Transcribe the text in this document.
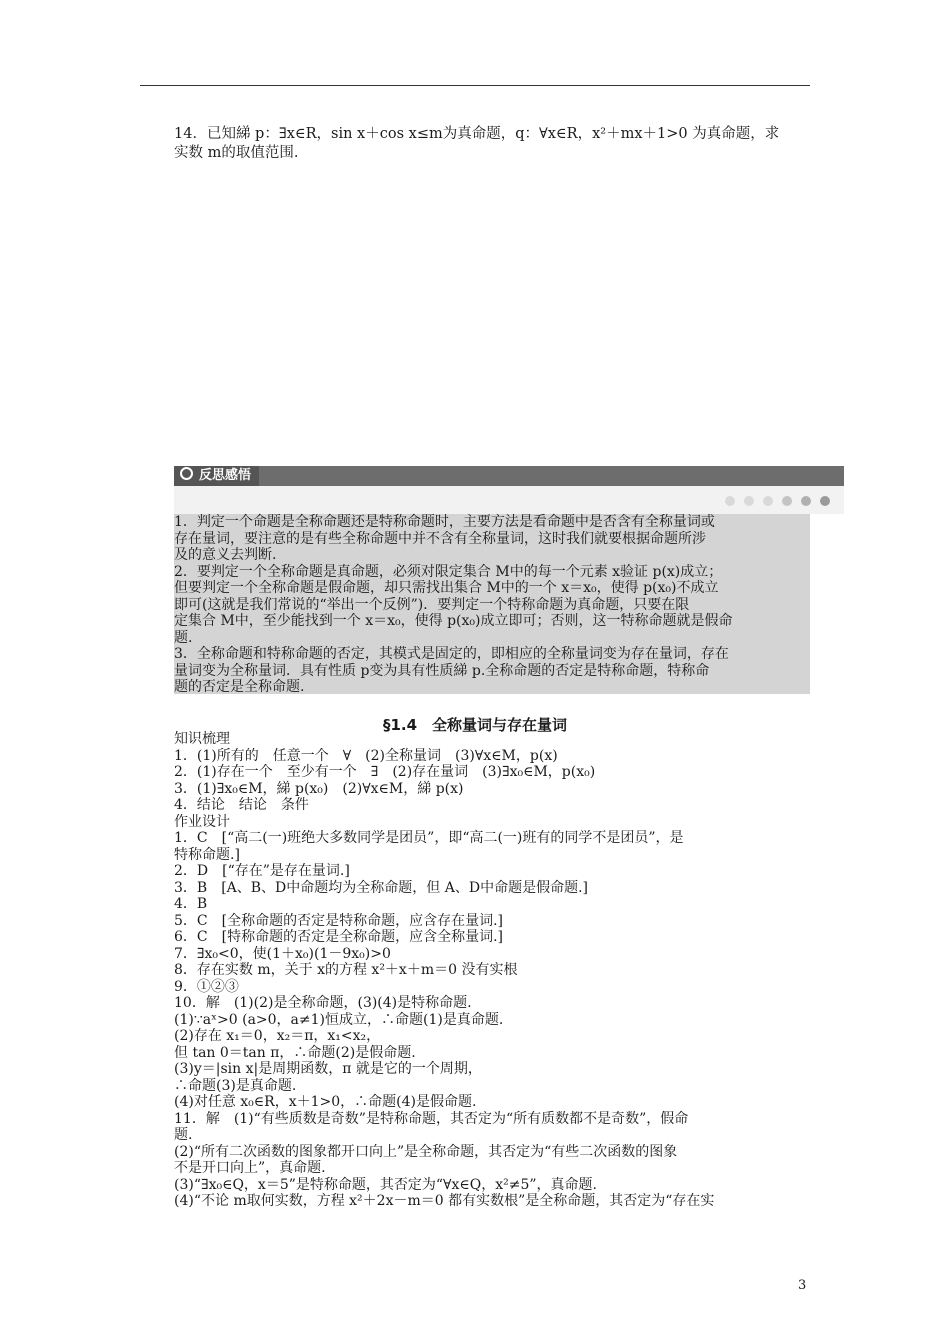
14．已知綈 p：∃x∈R，sin x＋cos x≤m为真命题，q：∀x∈R，x²＋mx＋1>0 为真命题，求
实数 m的取值范围.
反思感悟

1．判定一个命题是全称命题还是特称命题时，主要方法是看命题中是否含有全称量词或

存在量词，要注意的是有些全称命题中并不含有全称量词，这时我们就要根据命题所涉

及的意义去判断.

2．要判定一个全称命题是真命题，必须对限定集合 M中的每一个元素 x验证 p(x)成立；

但要判定一个全称命题是假命题，却只需找出集合 M中的一个 x＝x₀，使得 p(x₀)不成立

即可(这就是我们常说的“举出一个反例”)．要判定一个特称命题为真命题，只要在限

定集合 M中，至少能找到一个 x＝x₀，使得 p(x₀)成立即可；否则，这一特称命题就是假命

题.

3．全称命题和特称命题的否定，其模式是固定的，即相应的全称量词变为存在量词，存在

量词变为全称量词．具有性质 p变为具有性质綈 p.全称命题的否定是特称命题，特称命

题的否定是全称命题.

§1.4　全称量词与存在量词
知识梳理
1．(1)所有的　任意一个　∀　(2)全称量词　(3)∀x∈M，p(x)
2．(1)存在一个　至少有一个　∃　(2)存在量词　(3)∃x₀∈M，p(x₀)
3．(1)∃x₀∈M，綈 p(x₀)　(2)∀x∈M，綈 p(x)
4．结论　结论　条件
作业设计
1．C　[“高二(一)班绝大多数同学是团员”，即“高二(一)班有的同学不是团员”，是
特称命题.]
2．D　[“存在”是存在量词.]
3．B　[A、B、D中命题均为全称命题，但 A、D中命题是假命题.]
4．B
5．C　[全称命题的否定是特称命题，应含存在量词.]
6．C　[特称命题的否定是全称命题，应含全称量词.]
7．∃x₀<0，使(1＋x₀)(1－9x₀)>0
8．存在实数 m，关于 x的方程 x²＋x＋m＝0 没有实根
9．①②③
10．解　(1)(2)是全称命题，(3)(4)是特称命题.
(1)∵aˣ>0 (a>0，a≠1)恒成立，∴命题(1)是真命题.
(2)存在 x₁＝0，x₂＝π，x₁<x₂，
但 tan 0＝tan π，∴命题(2)是假命题.
(3)y＝|sin x|是周期函数，π 就是它的一个周期，
∴命题(3)是真命题.
(4)对任意 x₀∈R，x＋1>0，∴命题(4)是假命题.
11．解　(1)“有些质数是奇数”是特称命题，其否定为“所有质数都不是奇数”，假命
题.
(2)“所有二次函数的图象都开口向上”是全称命题，其否定为“有些二次函数的图象
不是开口向上”，真命题.
(3)“∃x₀∈Q，x＝5”是特称命题，其否定为“∀x∈Q，x²≠5”，真命题.
(4)“不论 m取何实数，方程 x²＋2x－m＝0 都有实数根”是全称命题，其否定为“存在实
3
